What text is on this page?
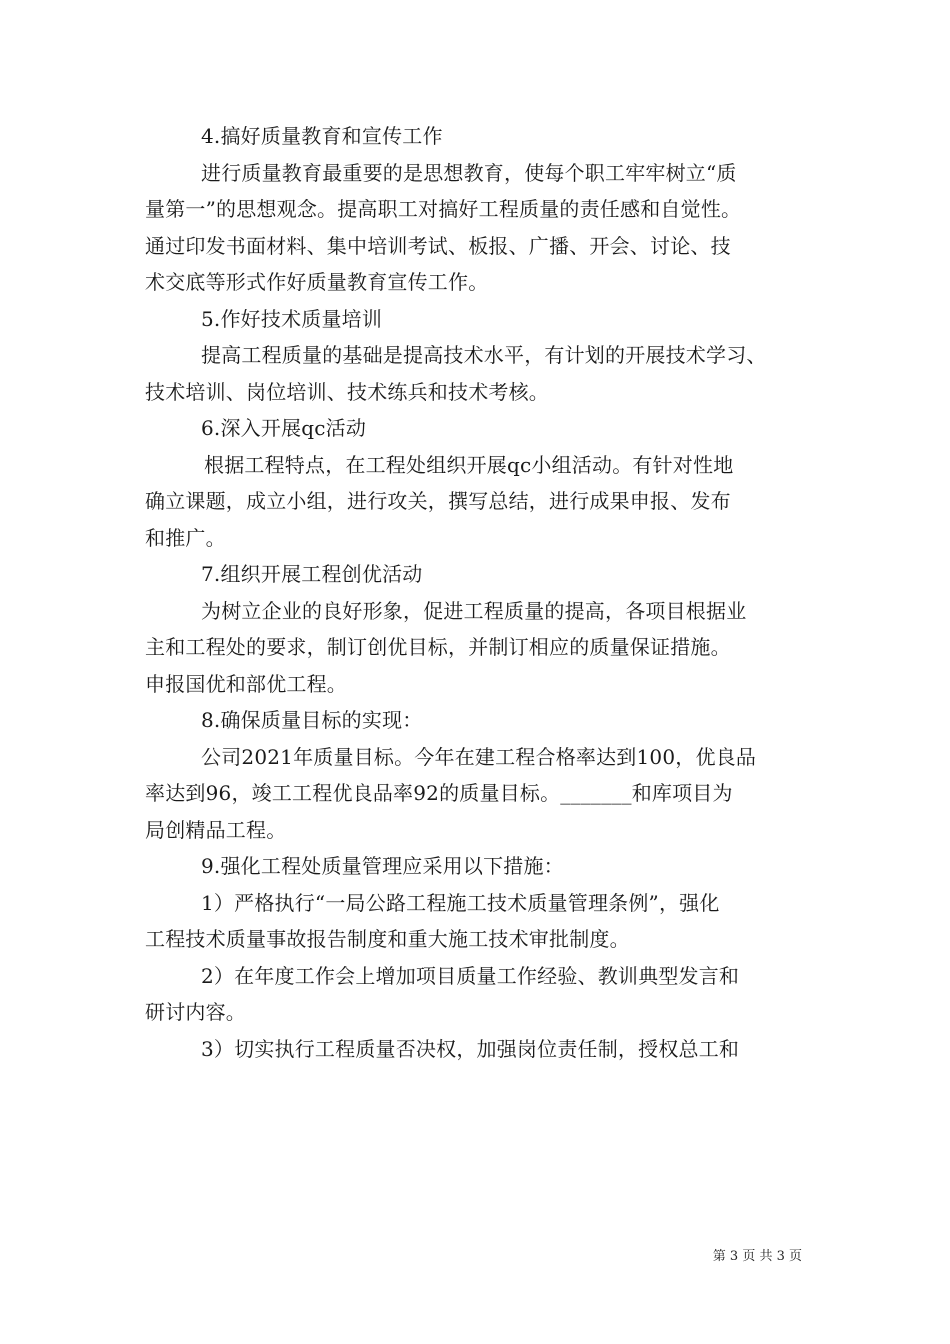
4.搞好质量教育和宣传工作
进行质量教育最重要的是思想教育，使每个职工牢牢树立“质
量第一”的思想观念。提高职工对搞好工程质量的责任感和自觉性。
通过印发书面材料、集中培训考试、板报、广播、开会、讨论、技
术交底等形式作好质量教育宣传工作。
5.作好技术质量培训
提高工程质量的基础是提高技术水平，有计划的开展技术学习、
技术培训、岗位培训、技术练兵和技术考核。
6.深入开展qc活动
根据工程特点，在工程处组织开展qc小组活动。有针对性地
确立课题，成立小组，进行攻关，撰写总结，进行成果申报、发布
和推广。
7.组织开展工程创优活动
为树立企业的良好形象，促进工程质量的提高，各项目根据业
主和工程处的要求，制订创优目标，并制订相应的质量保证措施。
申报国优和部优工程。
8.确保质量目标的实现：
公司2021年质量目标。今年在建工程合格率达到100，优良品
率达到96，竣工工程优良品率92的质量目标。_______和库项目为
局创精品工程。
9.强化工程处质量管理应采用以下措施：
1）严格执行“一局公路工程施工技术质量管理条例”，强化
工程技术质量事故报告制度和重大施工技术审批制度。
2）在年度工作会上增加项目质量工作经验、教训典型发言和
研讨内容。
3）切实执行工程质量否决权，加强岗位责任制，授权总工和
第 3 页 共 3 页
